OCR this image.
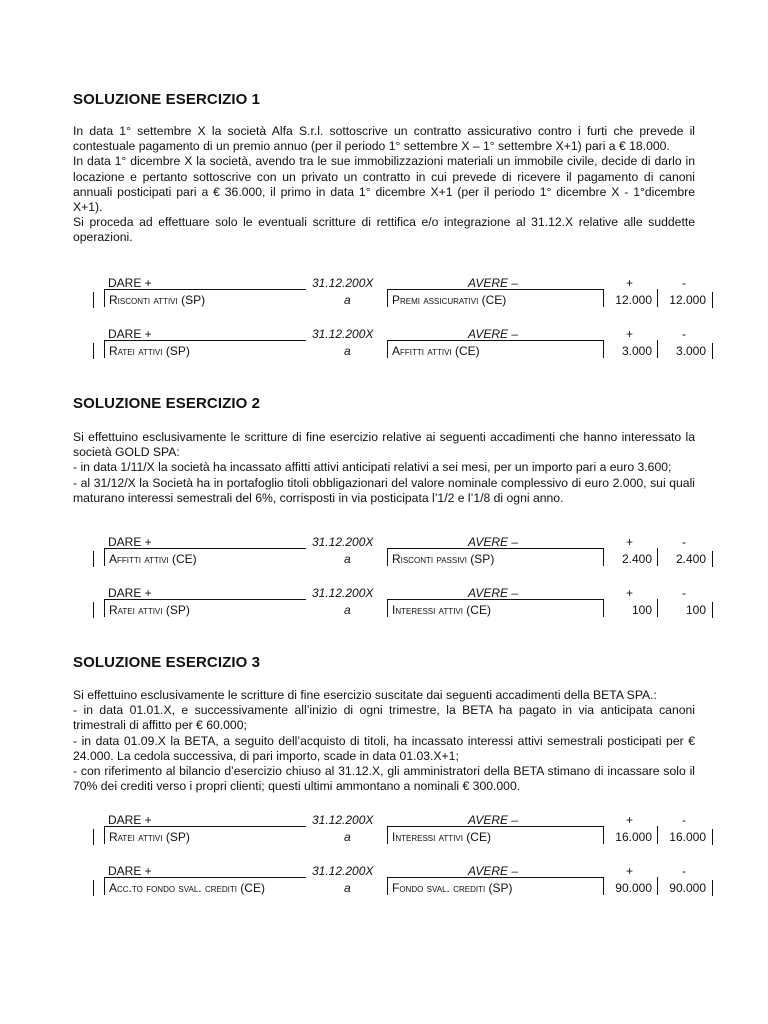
SOLUZIONE ESERCIZIO 1

In data 1° settembre X la società Alfa S.r.l. sottoscrive un contratto assicurativo contro i furti che prevede il contestuale pagamento di un premio annuo (per il periodo 1° settembre X – 1° settembre X+1) pari a € 18.000.

In data 1° dicembre X la società, avendo tra le sue immobilizzazioni materiali un immobile civile, decide di darlo in locazione e pertanto sottoscrive con un privato un contratto in cui prevede di ricevere il pagamento di canoni annuali posticipati pari a € 36.000, il primo in data 1° dicembre X+1 (per il periodo 1° dicembre X - 1°dicembre X+1).

Si proceda ad effettuare solo le eventuali scritture di rettifica e/o integrazione al 31.12.X relative alle suddette operazioni.

DARE +	31.12.200X	AVERE –	+	-
Risconti attivi (SP)	a	Premi assicurativi (CE)	12.000	12.000
DARE +	31.12.200X	AVERE –	+	-
Ratei attivi (SP)	a	Affitti attivi (CE)	3.000	3.000
SOLUZIONE ESERCIZIO 2

Si effettuino esclusivamente le scritture di fine esercizio relative ai seguenti accadimenti che hanno interessato la società GOLD SPA:

- in data 1/11/X la società ha incassato affitti attivi anticipati relativi a sei mesi, per un importo pari a euro 3.600;

- al 31/12/X la Società ha in portafoglio titoli obbligazionari del valore nominale complessivo di euro 2.000, sui quali maturano interessi semestrali del 6%, corrisposti in via posticipata l’1/2 e l’1/8 di ogni anno.

DARE +	31.12.200X	AVERE –	+	-
Affitti attivi (CE)	a	Risconti passivi (SP)	2.400	2.400
DARE +	31.12.200X	AVERE –	+	-
Ratei attivi (SP)	a	Interessi attivi (CE)	100	100
SOLUZIONE ESERCIZIO 3

Si effettuino esclusivamente le scritture di fine esercizio suscitate dai seguenti accadimenti della BETA SPA.:

- in data 01.01.X, e successivamente all’inizio di ogni trimestre, la BETA ha pagato in via anticipata canoni trimestrali di affitto per € 60.000;

- in data 01.09.X la BETA, a seguito dell’acquisto di titoli, ha incassato interessi attivi semestrali posticipati per € 24.000. La cedola successiva, di pari importo, scade in data 01.03.X+1;

- con riferimento al bilancio d’esercizio chiuso al 31.12.X, gli amministratori della BETA stimano di incassare solo il 70% dei crediti verso i propri clienti; questi ultimi ammontano a nominali € 300.000.

DARE +	31.12.200X	AVERE –	+	-
Ratei attivi (SP)	a	Interessi attivi (CE)	16.000	16.000
DARE +	31.12.200X	AVERE –	+	-
Acc.to fondo sval. crediti (CE)	a	Fondo sval. crediti (SP)	90.000	90.000
